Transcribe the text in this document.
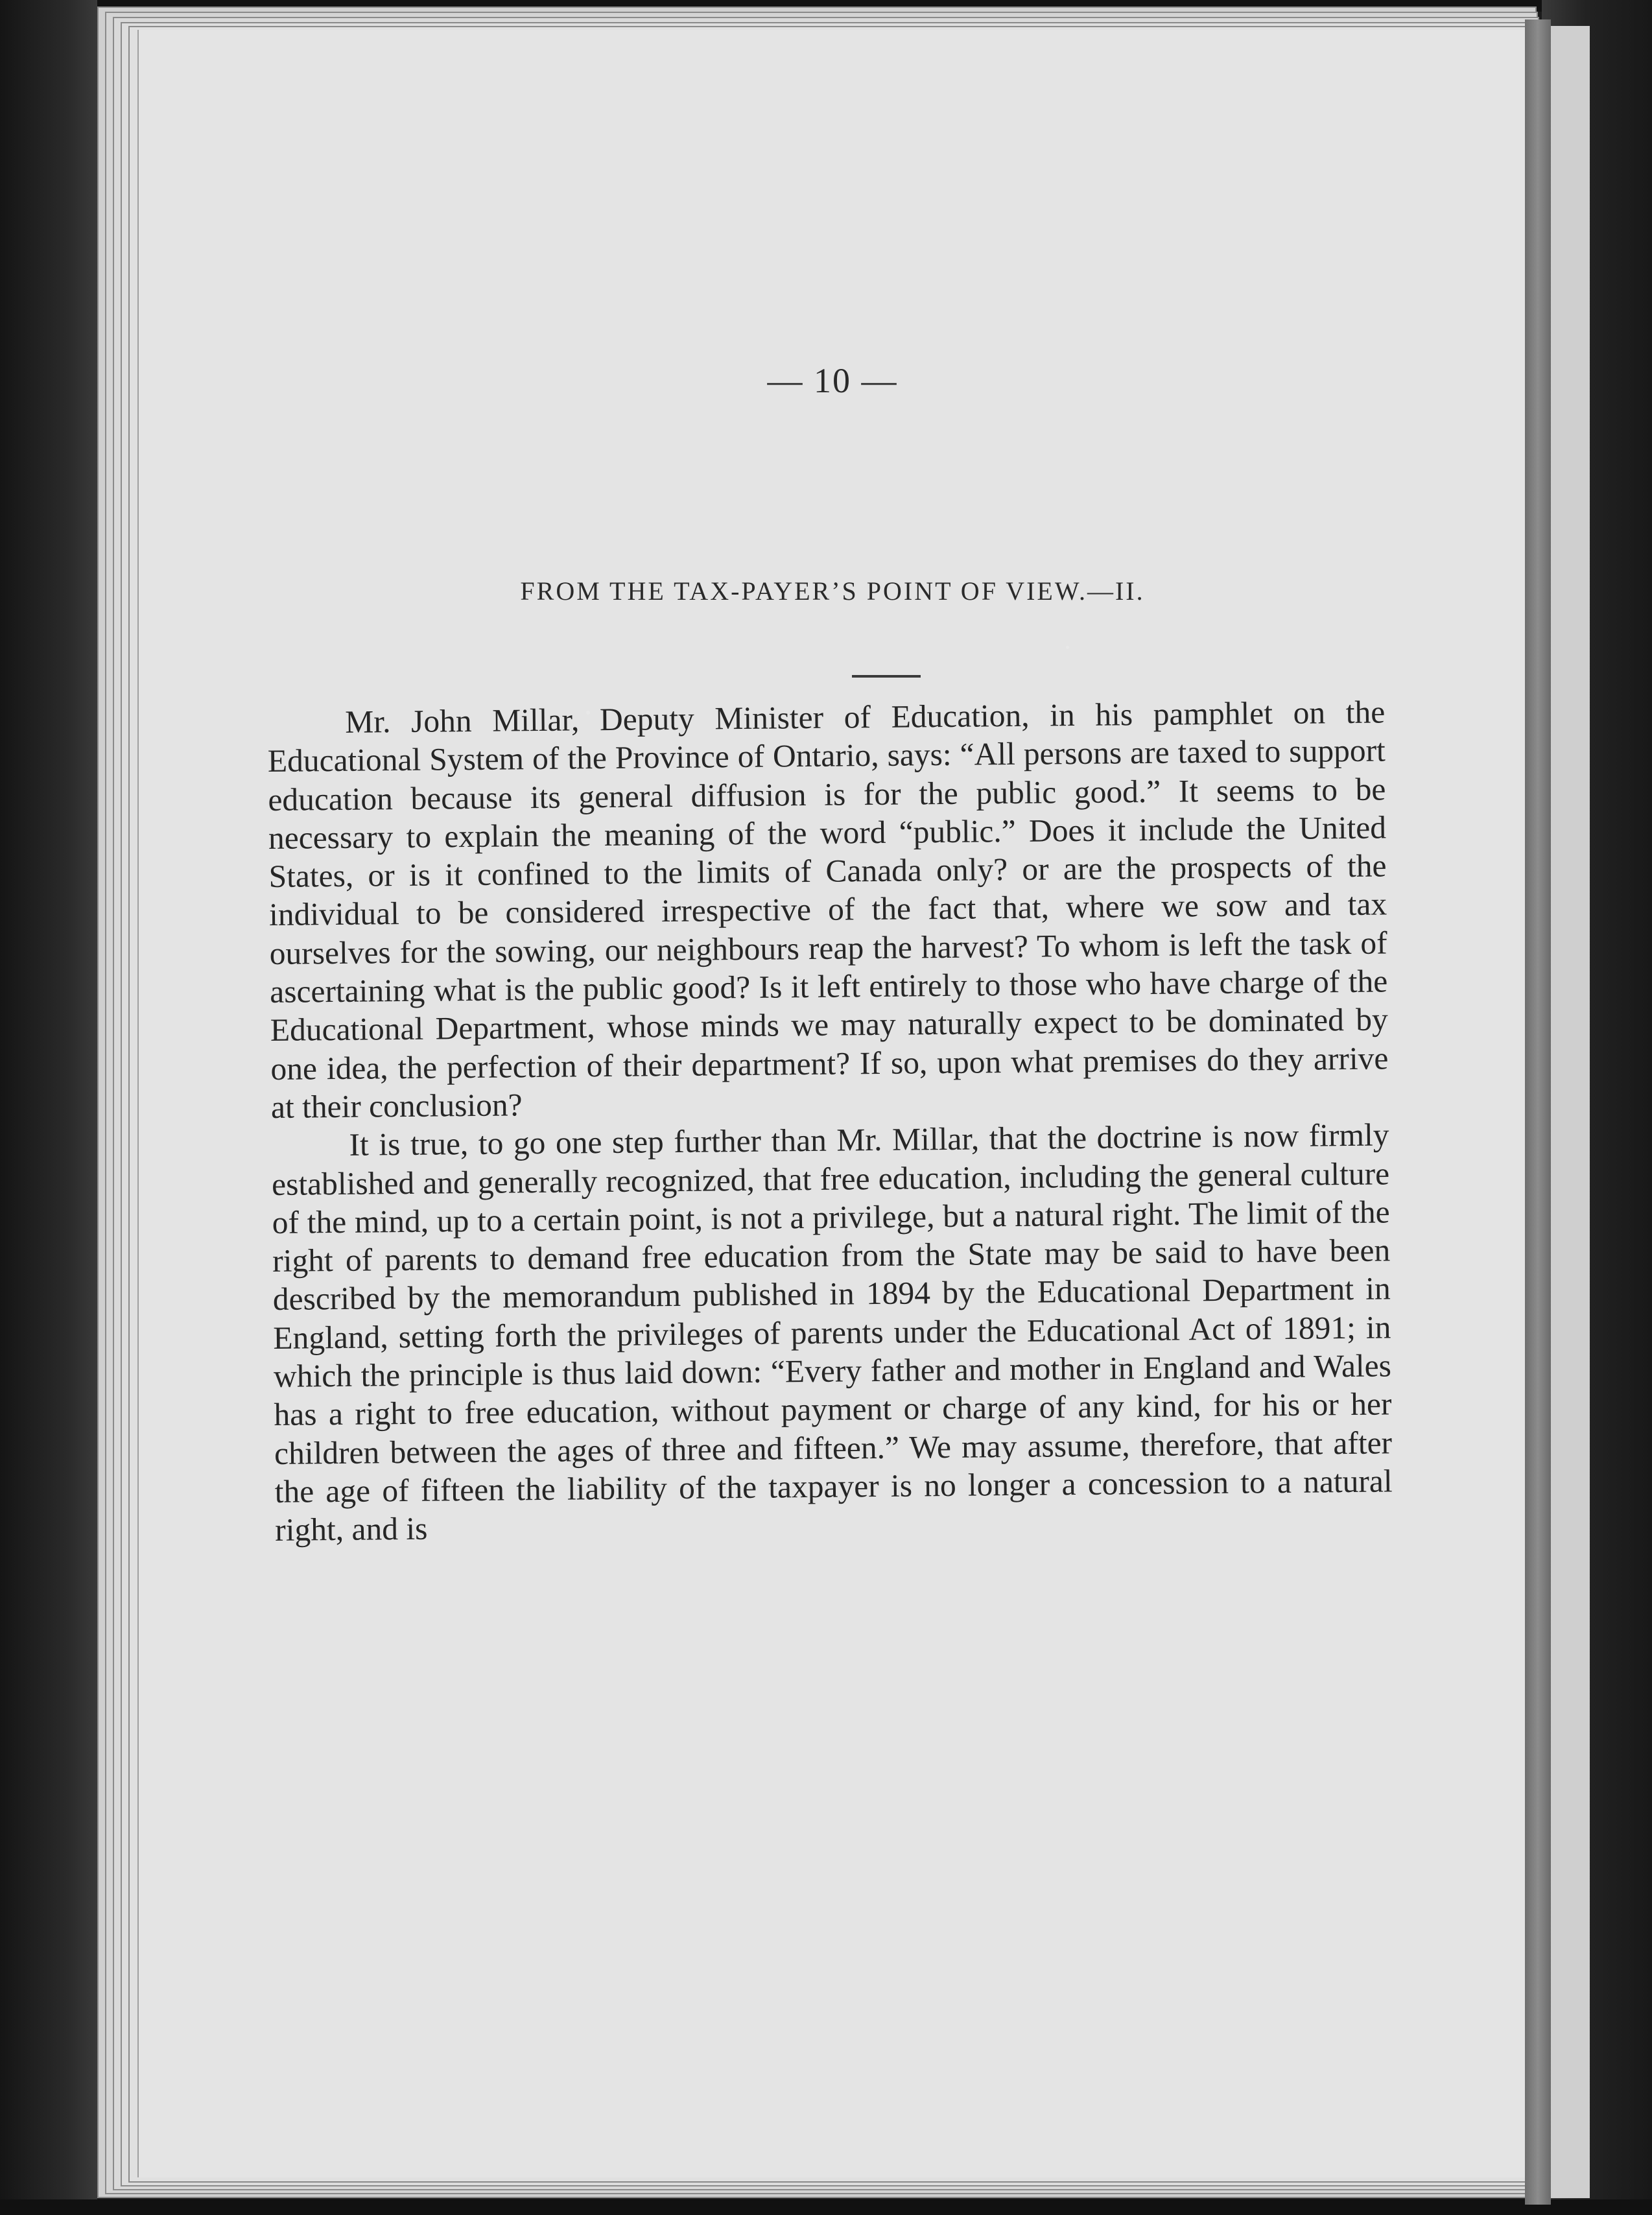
— 10 —
FROM THE TAX-PAYER’S POINT OF VIEW.—II.

Mr. John Millar, Deputy Minister of Education, in his pamphlet on the Educational System of the Province of Ontario, says: “All persons are taxed to support education because its general diffusion is for the public good.” It seems to be necessary to explain the meaning of the word “public.” Does it include the United States, or is it confined to the limits of Canada only? or are the prospects of the individual to be considered irrespective of the fact that, where we sow and tax ourselves for the sowing, our neighbours reap the harvest? To whom is left the task of ascertaining what is the public good? Is it left entirely to those who have charge of the Educational Department, whose minds we may naturally expect to be dominated by one idea, the perfection of their department? If so, upon what premises do they arrive at their conclusion?

It is true, to go one step further than Mr. Millar, that the doctrine is now firmly established and generally recognized, that free education, including the general culture of the mind, up to a certain point, is not a privilege, but a natural right. The limit of the right of parents to demand free education from the State may be said to have been described by the memorandum published in 1894 by the Educational Department in England, setting forth the privileges of parents under the Educational Act of 1891; in which the principle is thus laid down: “Every father and mother in England and Wales has a right to free education, without payment or charge of any kind, for his or her children between the ages of three and fifteen.” We may assume, therefore, that after the age of fifteen the liability of the taxpayer is no longer a concession to a natural right, and is
